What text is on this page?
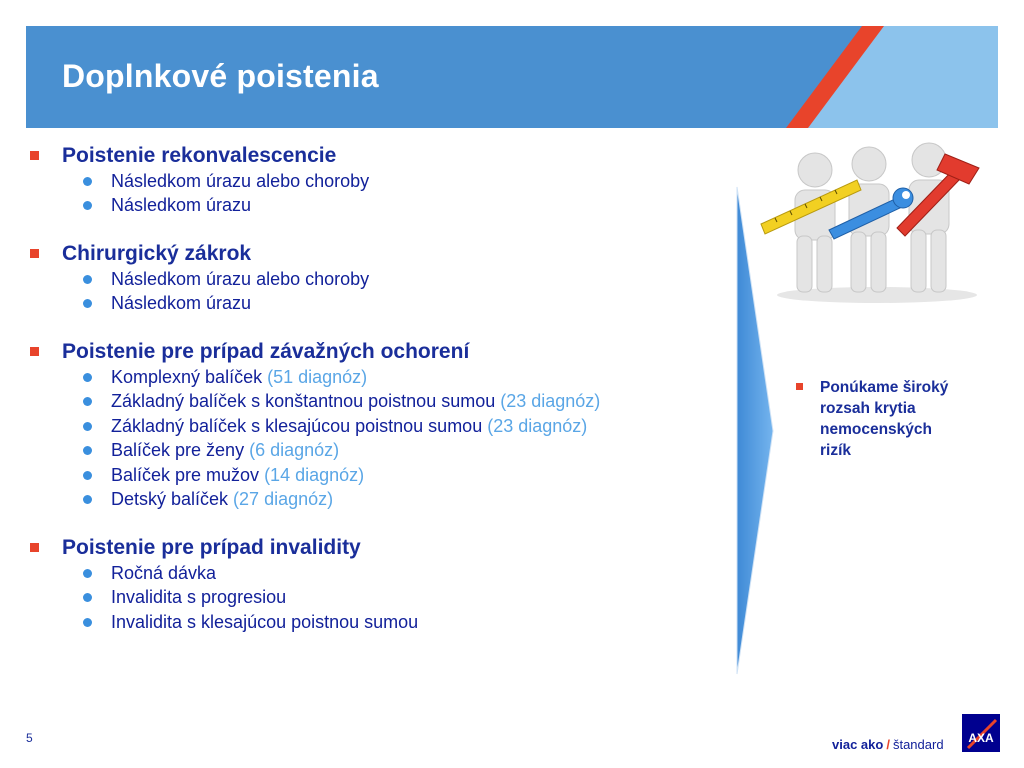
Doplnkové poistenia
Poistenie rekonvalescencie
Následkom úrazu alebo choroby
Následkom úrazu
Chirurgický zákrok
Následkom úrazu alebo choroby
Následkom úrazu
Poistenie pre prípad závažných ochorení
Komplexný balíček (51 diagnóz)
Základný balíček s konštantnou poistnou sumou (23 diagnóz)
Základný balíček s klesajúcou poistnou sumou (23 diagnóz)
Balíček pre ženy (6 diagnóz)
Balíček pre mužov (14 diagnóz)
Detský balíček (27 diagnóz)
Poistenie pre prípad invalidity
Ročná dávka
Invalidita s progresiou
Invalidita s klesajúcou poistnou sumou
Ponúkame široký
rozsah krytia
nemocenských
rizík
5	viac ako / štandard AXA
